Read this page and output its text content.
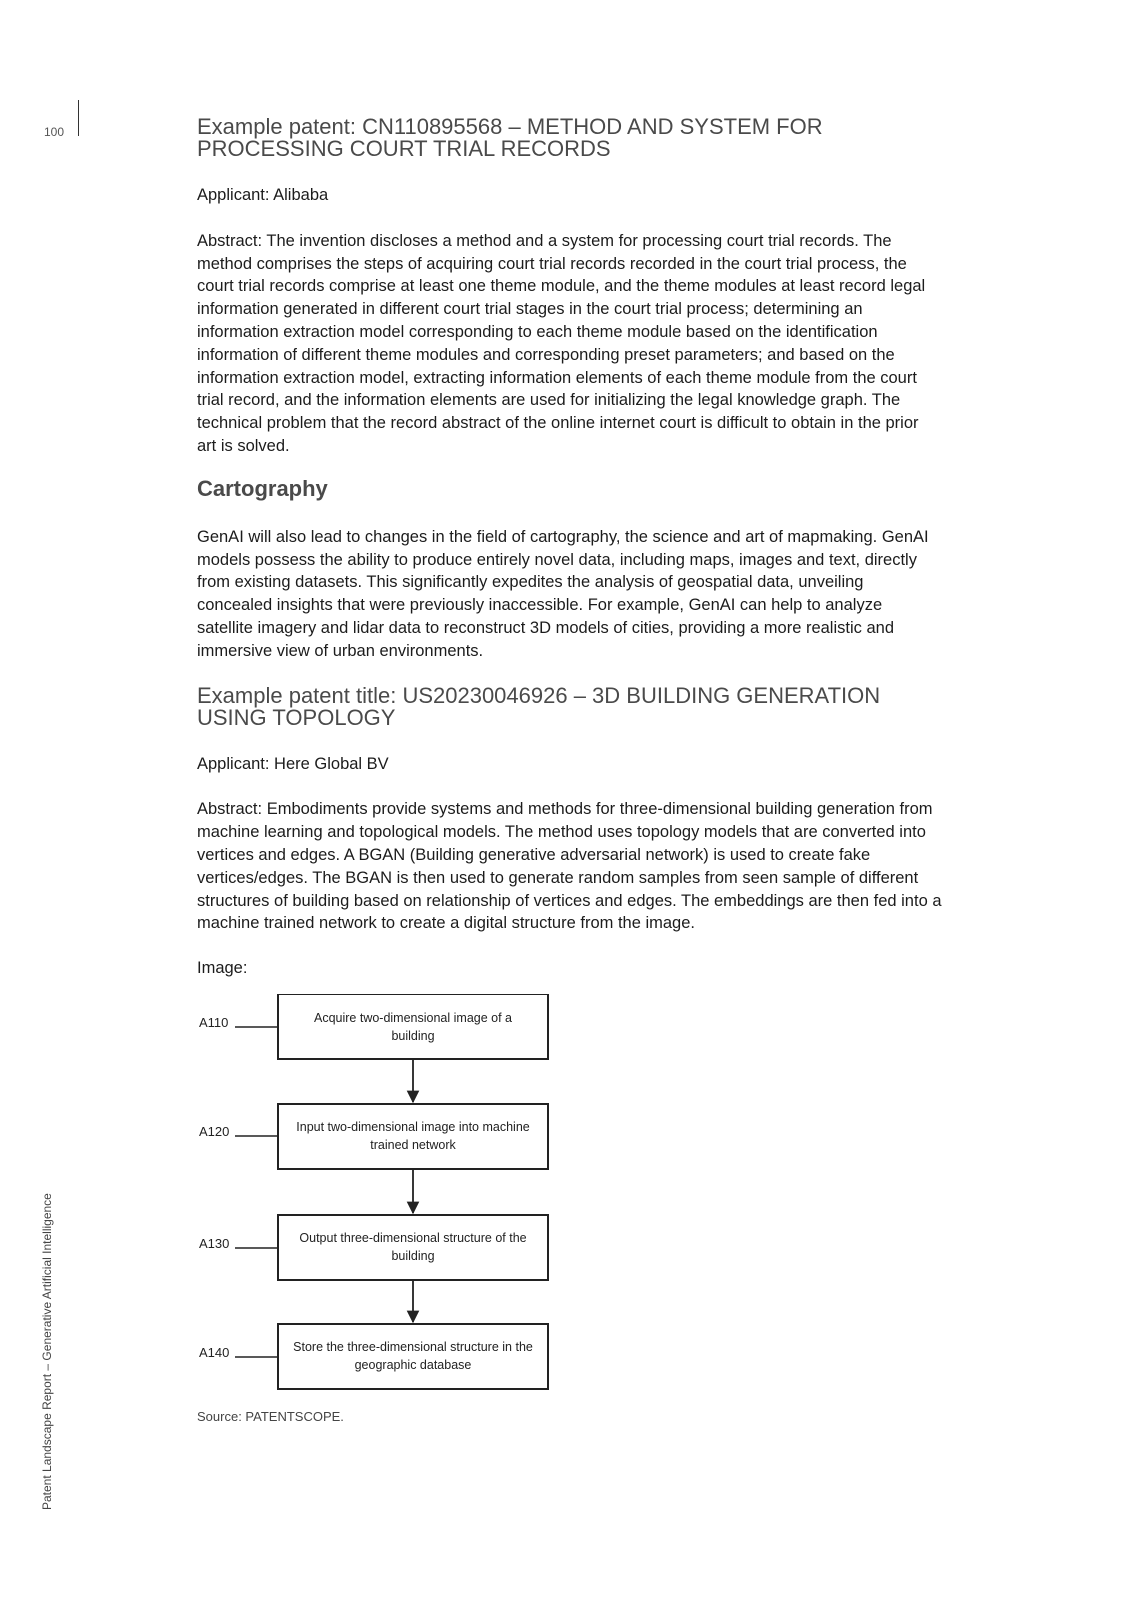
100
Patent Landscape Report – Generative Artificial Intelligence
Example patent: CN110895568 – METHOD AND SYSTEM FOR PROCESSING COURT TRIAL RECORDS

Applicant: Alibaba

Abstract: The invention discloses a method and a system for processing court trial records. The method comprises the steps of acquiring court trial records recorded in the court trial process, the court trial records comprise at least one theme module, and the theme modules at least record legal information generated in different court trial stages in the court trial process; determining an information extraction model corresponding to each theme module based on the identification information of different theme modules and corresponding preset parameters; and based on the information extraction model, extracting information elements of each theme module from the court trial record, and the information elements are used for initializing the legal knowledge graph. The technical problem that the record abstract of the online internet court is difficult to obtain in the prior art is solved.

Cartography

GenAI will also lead to changes in the field of cartography, the science and art of mapmaking. GenAI models possess the ability to produce entirely novel data, including maps, images and text, directly from existing datasets. This significantly expedites the analysis of geospatial data, unveiling concealed insights that were previously inaccessible. For example, GenAI can help to analyze satellite imagery and lidar data to reconstruct 3D models of cities, providing a more realistic and immersive view of urban environments.

Example patent title: US20230046926 – 3D BUILDING GENERATION USING TOPOLOGY

Applicant: Here Global BV

Abstract: Embodiments provide systems and methods for three-dimensional building generation from machine learning and topological models. The method uses topology models that are converted into vertices and edges. A BGAN (Building generative adversarial network) is used to create fake vertices/edges. The BGAN is then used to generate random samples from seen sample of different structures of building based on relationship of vertices and edges. The embeddings are then fed into a machine trained network to create a digital structure from the image.

Image:

A110	Acquire two-dimensional image of a
building
A120	Input two-dimensional image into machine
trained network
A130	Output three-dimensional structure of the
building
A140	Store the three-dimensional structure in the
geographic database

Source: PATENTSCOPE.
